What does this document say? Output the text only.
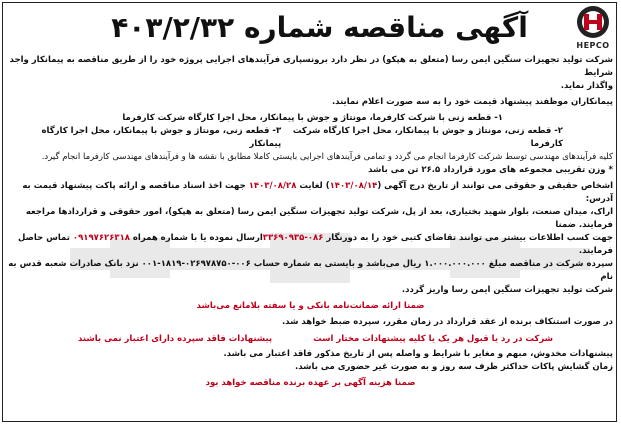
HEPCO
آگهی مناقصه شماره ۴۰۳/۲/۳۲

شرکت تولید تجهیزات سنگین ایمن رسا (متعلق به هپکو) در نظر دارد برونسپاری فرآیندهای اجرایی پروژه خود را از طریق مناقصه به پیمانکار واجد شرایط

واگذار نماید.

پیمانکاران موظفند پیشنهاد قیمت خود را به سه صورت اعلام نمایند.

۱- قطعه زنی با شرکت کارفرما، مونتاژ و جوش با پیمانکار، محل اجرا کارگاه شرکت کارفرما

۲- قطعه زنی، مونتاژ و جوش با پیمانکار، محل اجرا کارگاه شرکت کارفرما
۳- قطعه زنی، مونتاژ و جوش با پیمانکار، محل اجرا کارگاه پیمانکار

کلیه فرآیندهای مهندسی توسط شرکت کارفرما انجام می گردد و تمامی فرآیندهای اجرایی بایستی کاملا مطابق با نقشه ها و فرآیندهای مهندسی کارفرما انجام گیرد.

* وزن تقریبی مجموعه های مورد قرارداد ۲۶.۵ تن می باشد

اشخاص حقیقی و حقوقی می توانند از تاریخ درج آگهی (۱۴۰۳/۰۸/۱۴) لغایت ۱۴۰۳/۰۸/۲۸ جهت اخذ اسناد مناقصه و ارائه پاکت پیشنهاد قیمت به آدرس:

اراک، میدان صنعت، بلوار شهید بختیاری، بعد از پل، شرکت تولید تجهیزات سنگین ایمن رسا (متعلق به هپکو)، امور حقوقی و قراردادها مراجعه فرمایند. ضمنا

جهت کسب اطلاعات بیشتر می توانند تقاضای کتبی خود را به دورنگار ۰۸۶-۳۳۶۹۰۹۳۵ارسال نموده یا با شماره همراه ۰۹۱۹۷۶۲۶۳۱۸ تماس حاصل فرمایند.

سپرده شرکت در مناقصه مبلغ ۱.۰۰۰.۰۰۰.۰۰۰ ریال می‌باشد و بایستی به شماره حساب ۰۰۶-۰۲۶۹۷۸۷۵۰-۱۸۱۹-۰۰۱ نزد بانک صادرات شعبه قدس به نام

شرکت تولید تجهیزات سنگین ایمن رسا واریز گردد.

ضمنا ارائه ضمانت‌نامه بانکی و یا سفته بلامانع می‌باشد

در صورت استنکاف برنده از عقد قرارداد در زمان مقرر، سپرده ضبط خواهد شد.

شرکت در رد یا قبول هر یک یا کلیه پیشنهادات مختار است
پیشنهادات فاقد سپرده دارای اعتبار نمی باشند

پیشنهادات مخدوش، مبهم و مغایر با شرایط و واصله پس از تاریخ مذکور فاقد اعتبار می باشد.

زمان گشایش پاکات حداکثر ظرف سه روز و به صورت غیر حضوری می باشد.

ضمنا هزینه آگهی بر عهده برنده مناقصه خواهد بود
